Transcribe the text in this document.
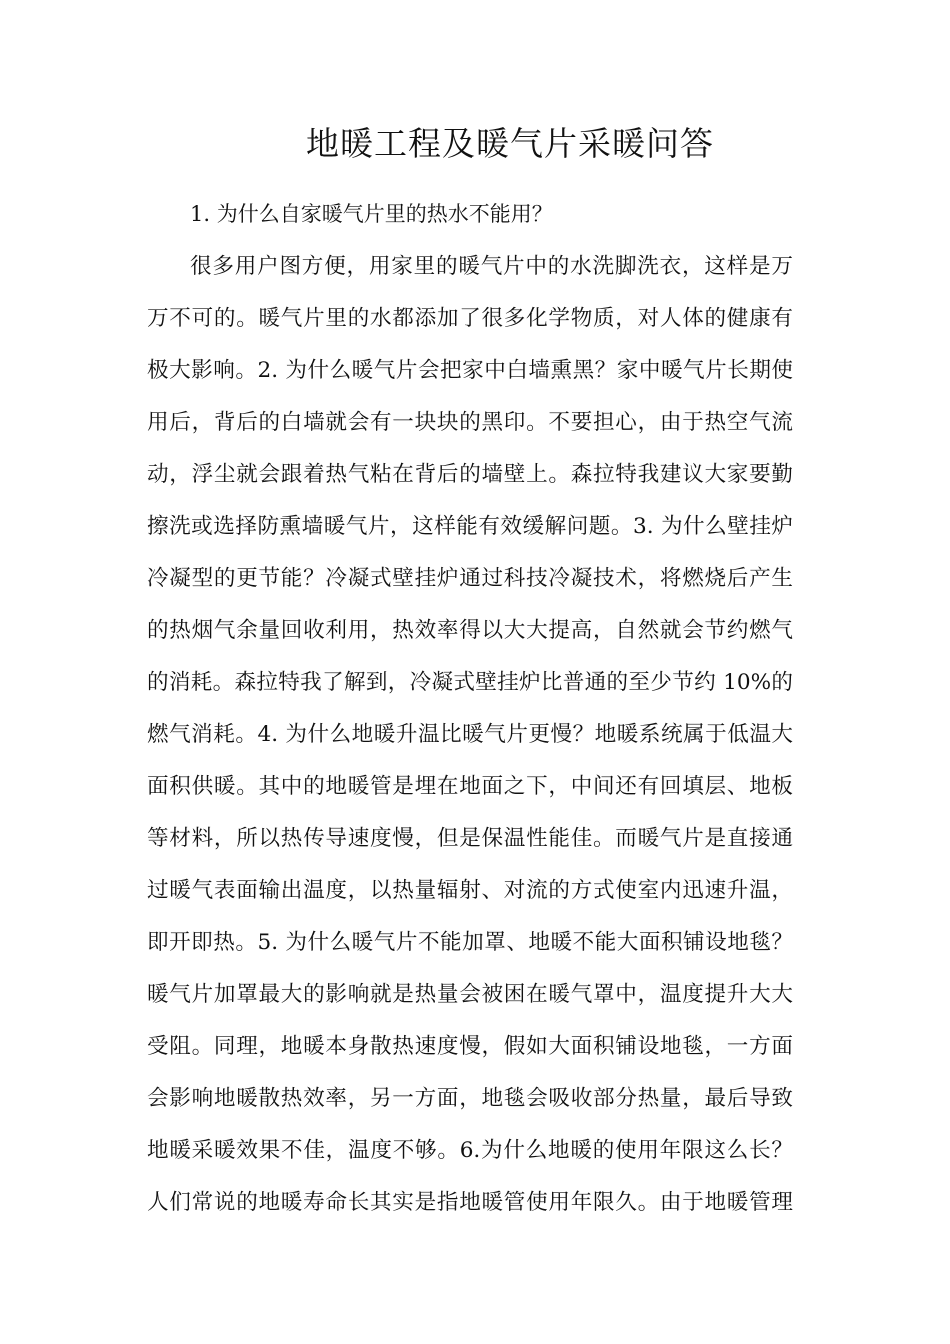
地暖工程及暖气片采暖问答

1. 为什么自家暖气片里的热水不能用？

很多用户图方便，用家里的暖气片中的水洗脚洗衣，这样是万
万不可的。暖气片里的水都添加了很多化学物质，对人体的健康有
极大影响。2. 为什么暖气片会把家中白墙熏黑？家中暖气片长期使
用后，背后的白墙就会有一块块的黑印。不要担心，由于热空气流
动，浮尘就会跟着热气粘在背后的墙壁上。森拉特我建议大家要勤
擦洗或选择防熏墙暖气片，这样能有效缓解问题。3. 为什么壁挂炉
冷凝型的更节能？冷凝式壁挂炉通过科技冷凝技术，将燃烧后产生
的热烟气余量回收利用，热效率得以大大提高，自然就会节约燃气
的消耗。森拉特我了解到，冷凝式壁挂炉比普通的至少节约 10%的
燃气消耗。4. 为什么地暖升温比暖气片更慢？地暖系统属于低温大
面积供暖。其中的地暖管是埋在地面之下，中间还有回填层、地板
等材料，所以热传导速度慢，但是保温性能佳。而暖气片是直接通
过暖气表面输出温度，以热量辐射、对流的方式使室内迅速升温，
即开即热。5. 为什么暖气片不能加罩、地暖不能大面积铺设地毯？
暖气片加罩最大的影响就是热量会被困在暖气罩中，温度提升大大
受阻。同理，地暖本身散热速度慢，假如大面积铺设地毯，一方面
会影响地暖散热效率，另一方面，地毯会吸收部分热量，最后导致
地暖采暖效果不佳，温度不够。6.为什么地暖的使用年限这么长？
人们常说的地暖寿命长其实是指地暖管使用年限久。由于地暖管理
